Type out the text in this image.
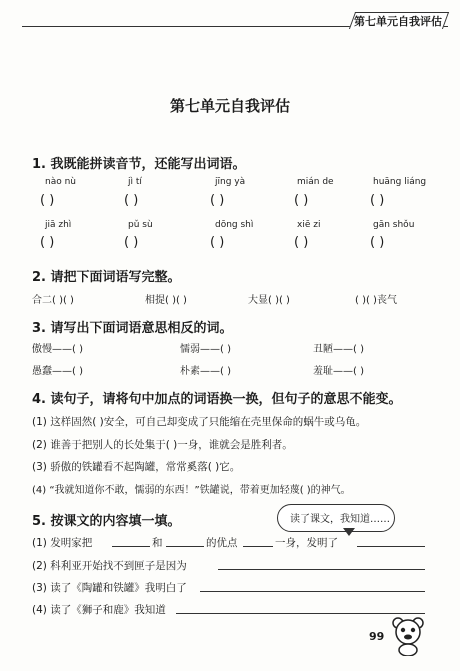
第七单元自我评估
第七单元自我评估
1. 我既能拼读音节，还能写出词语。
nào nù	jì tí	jīng yà	mián de	huāng liáng
( )	( )	( )	( )	( )
jiā zhì	pǔ sù	dōng shì	xiē zi	gān shǒu
( )	( )	( )	( )	( )
2. 请把下面词语写完整。
合二( )( )	相提( )( )	大显( )( )	( )( )丧气
3. 请写出下面词语意思相反的词。
傲慢——( )	懦弱——( )	丑陋——( )
愚蠢——( )	朴素——( )	羞耻——( )
4. 读句子，请将句中加点的词语换一换，但句子的意思不能变。
(1) 这样固然( )安全，可自己却变成了只能缩在壳里保命的蜗牛或乌龟。
(2) 谁善于把别人的长处集于( )一身，谁就会是胜利者。
(3) 骄傲的铁罐看不起陶罐，常常奚落( )它。
(4) “我就知道你不敢，懦弱的东西！”铁罐说，带着更加轻蔑( )的神气。
5. 按课文的内容填一填。	读了课文，我知道……
(1) 发明家把	和	的优点	一身，发明了
(2) 科利亚开始找不到匣子是因为
(3) 读了《陶罐和铁罐》我明白了
(4) 读了《狮子和鹿》我知道
99
